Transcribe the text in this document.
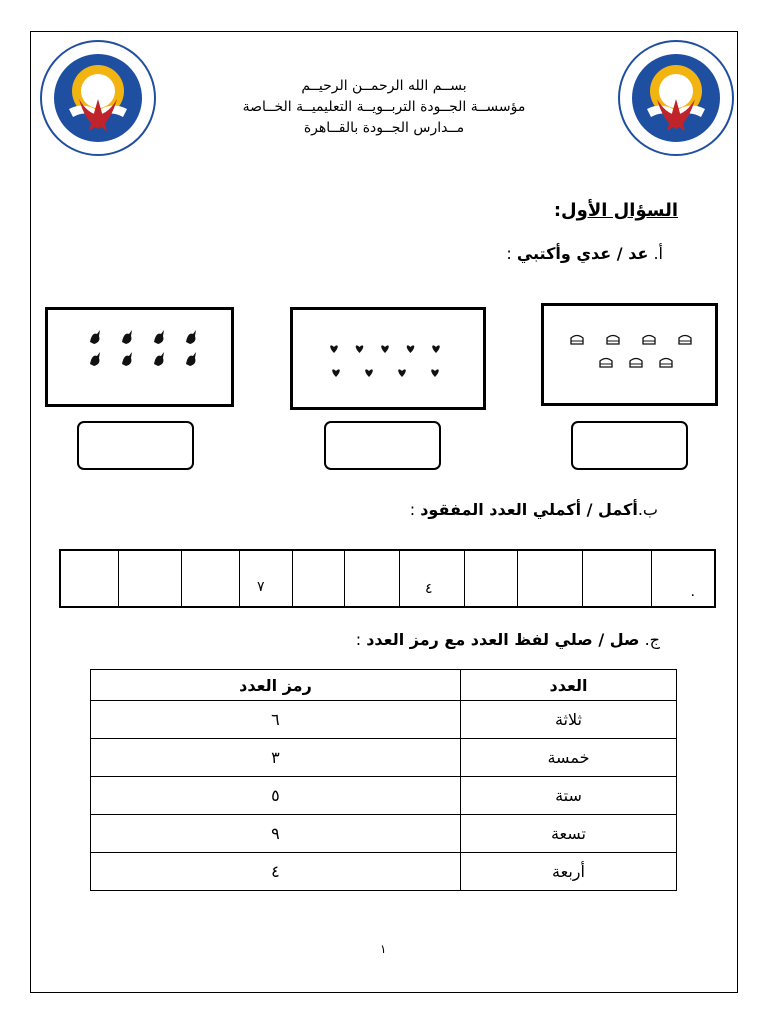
بســم الله الرحمــن الرحيــم
مؤسســة الجــودة التربــويــة التعليميــة الخــاصة
مــدارس الجــودة بالقــاهرة
السؤال الأول:
أ. عد / عدي وأكتبي :
ب.أكمل / أكملي العدد المفقود :
٠
٤
٧
ج. صل / صلي لفظ العدد مع رمز العدد :
العدد	رمز العدد
ثلاثة	٦
خمسة	٣
ستة	٥
تسعة	٩
أربعة	٤
١
